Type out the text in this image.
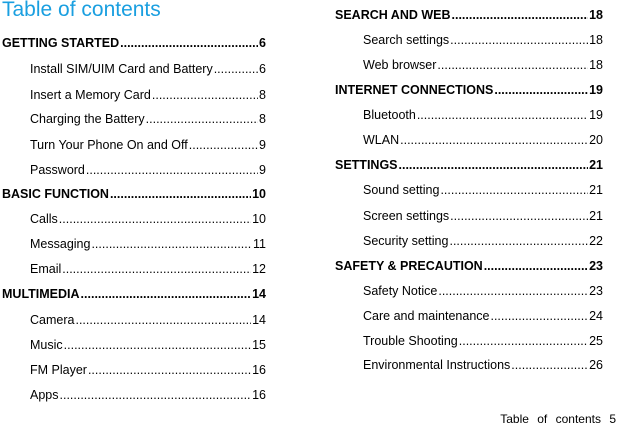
Table of contents
GETTING STARTED .....	6
Install SIM/UIM Card and Battery .....	6
Insert a Memory Card .....	8
Charging the Battery .....	8
Turn Your Phone On and Off .....	9
Password .....	9
BASIC FUNCTION .....	10
Calls .....	10
Messaging .....	11
Email .....	12
MULTIMEDIA .....	14
Camera .....	14
Music .....	15
FM Player .....	16
Apps .....	16
SEARCH AND WEB .....	18
Search settings .....	18
Web browser .....	18
INTERNET CONNECTIONS .....	19
Bluetooth .....	19
WLAN .....	20
SETTINGS .....	21
Sound setting .....	21
Screen settings .....	21
Security setting .....	22
SAFETY & PRECAUTION .....	23
Safety Notice .....	23
Care and maintenance .....	24
Trouble Shooting .....	25
Environmental Instructions .....	26
Table of contents 5
